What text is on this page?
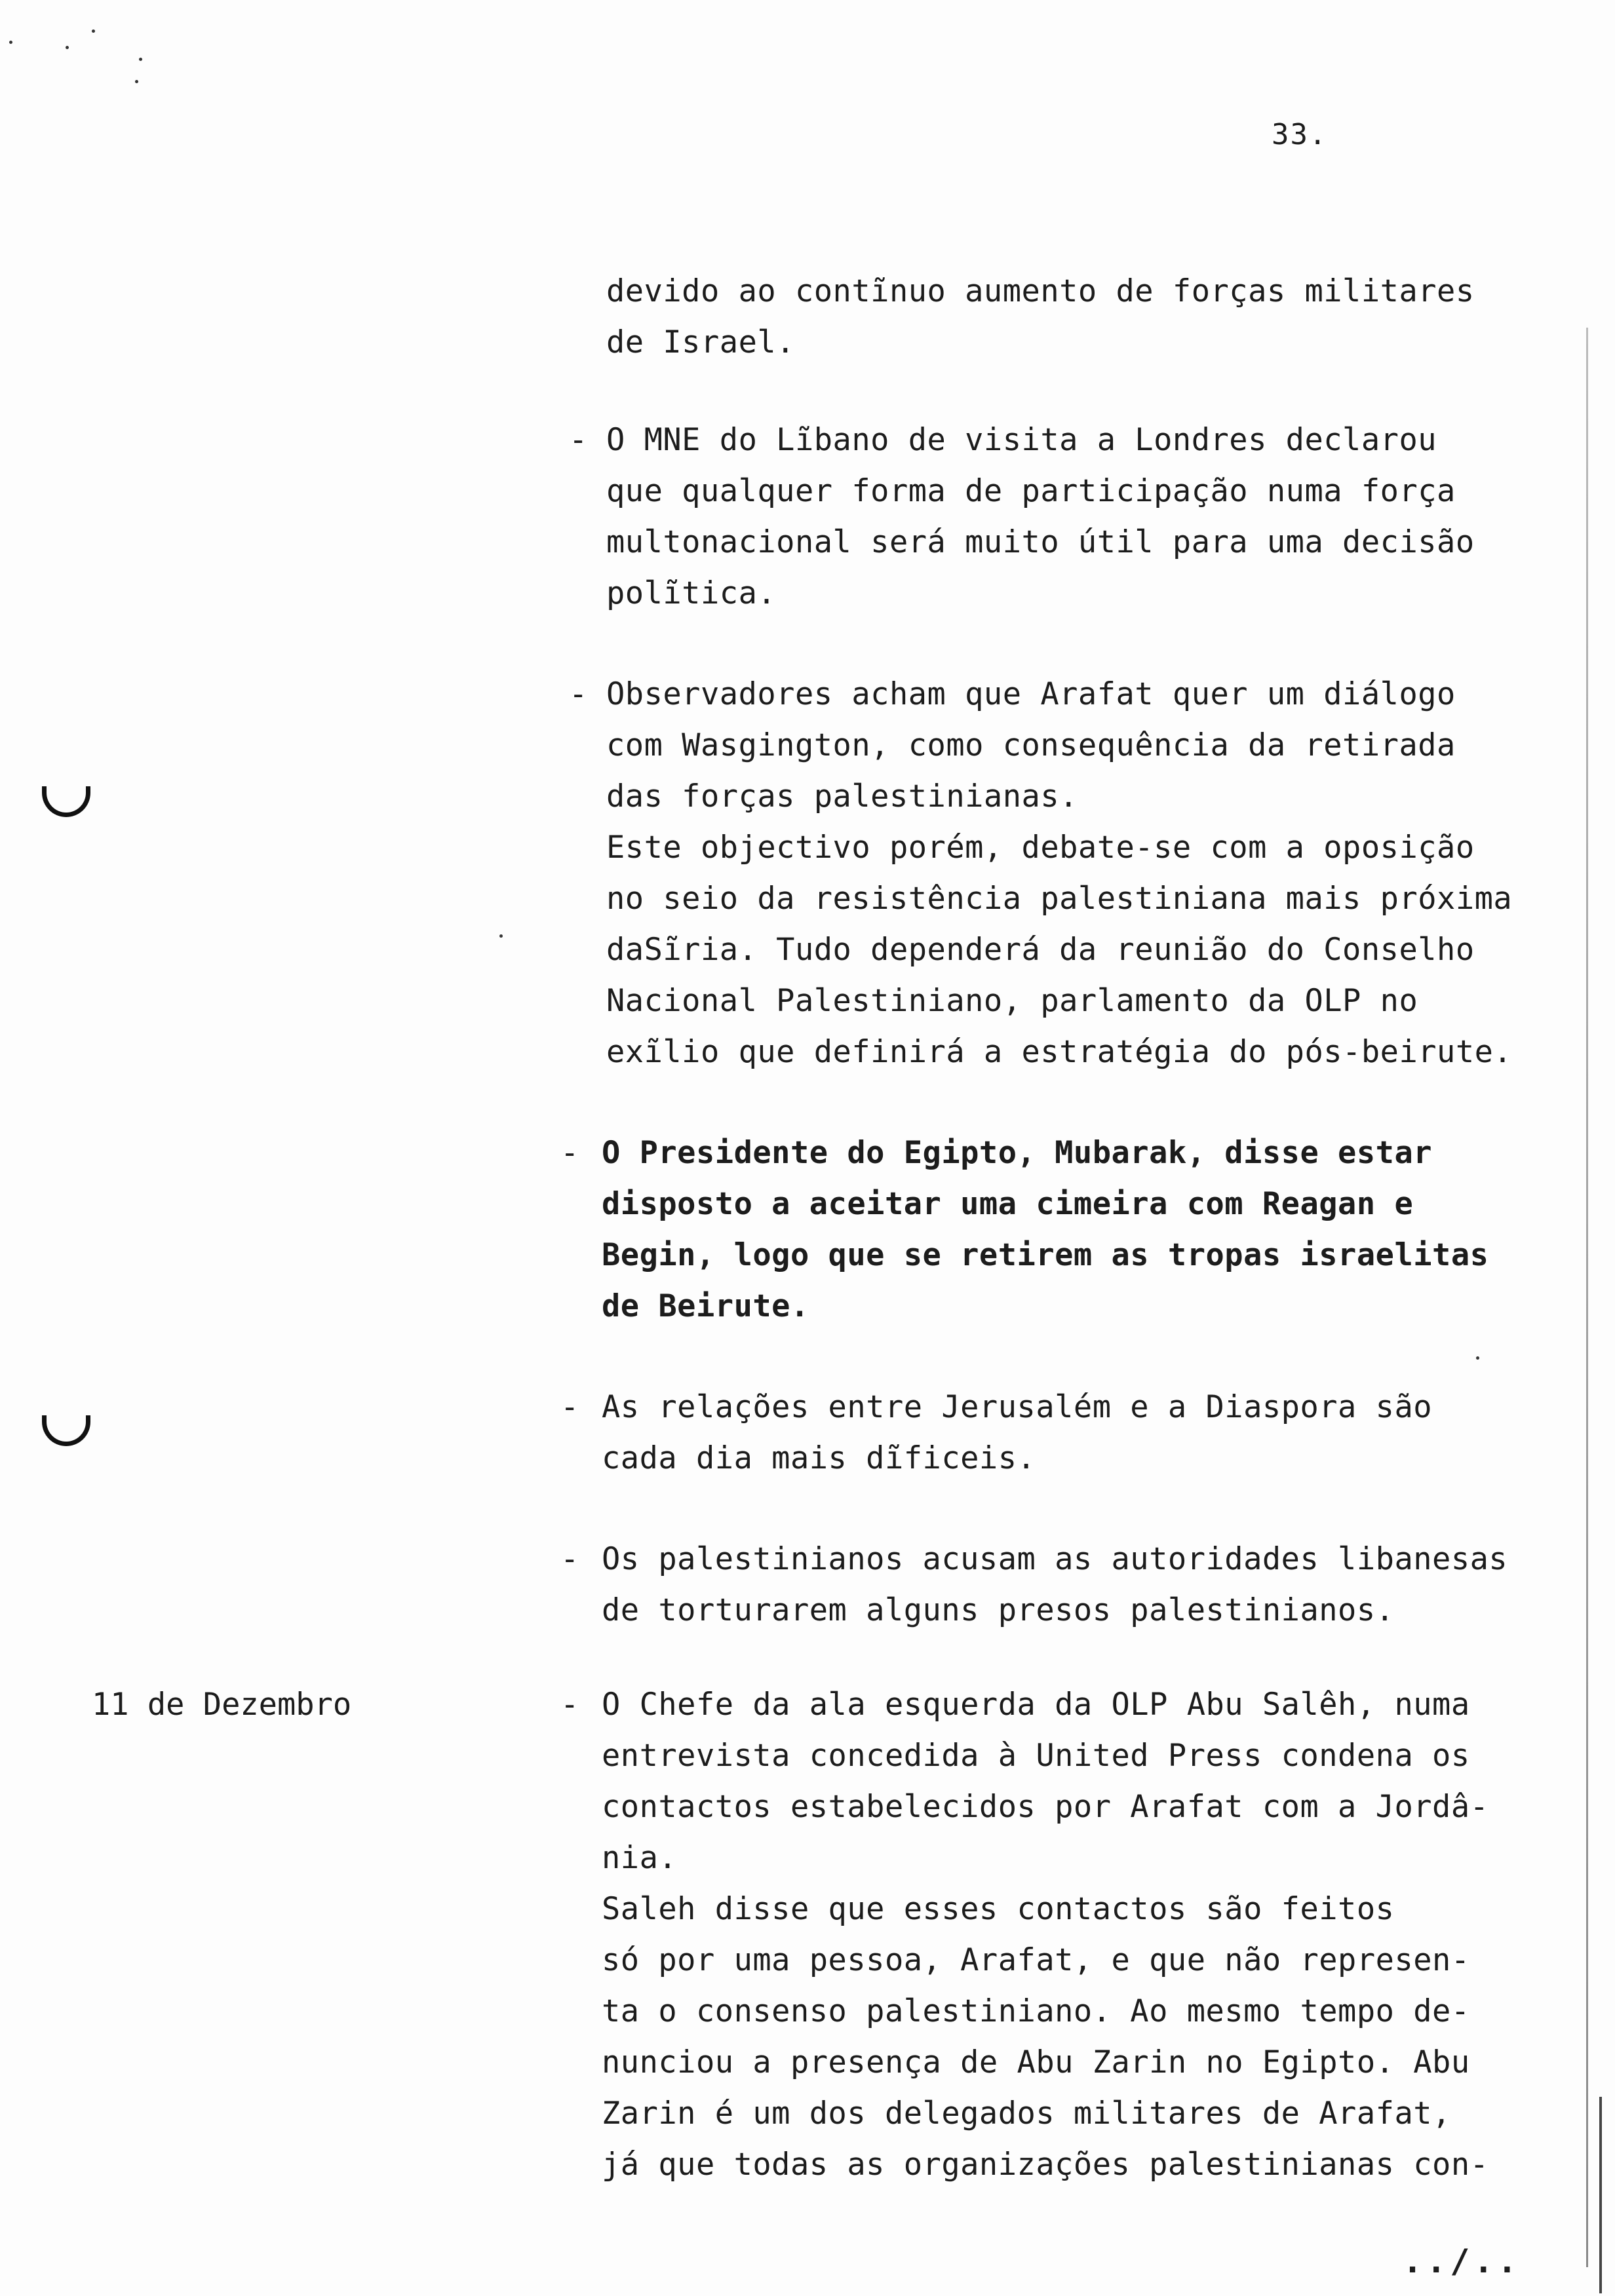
33.
devido ao contĩnuo aumento de forças militares
de Israel.
- O MNE do Lĩbano de visita a Londres declarou
que qualquer forma de participação numa força
multonacional será muito útil para uma decisão
polĩtica.
- Observadores acham que Arafat quer um diálogo
com Wasgington, como consequência da retirada
das forças palestinianas.
Este objectivo porém, debate-se com a oposição
no seio da resistência palestiniana mais próxima
daSĩria. Tudo dependerá da reunião do Conselho
Nacional Palestiniano, parlamento da OLP no
exĩlio que definirá a estratégia do pós-beirute.
- O Presidente do Egipto, Mubarak, disse estar
disposto a aceitar uma cimeira com Reagan e
Begin, logo que se retirem as tropas israelitas
de Beirute.
- As relações entre Jerusalém e a Diaspora são
cada dia mais dĩficeis.
- Os palestinianos acusam as autoridades libanesas
de torturarem alguns presos palestinianos.
11 de Dezembro	- O Chefe da ala esquerda da OLP Abu Salêh, numa
entrevista concedida à United Press condena os
contactos estabelecidos por Arafat com a Jordâ-
nia.
Saleh disse que esses contactos são feitos
só por uma pessoa, Arafat, e que não represen-
ta o consenso palestiniano. Ao mesmo tempo de-
nunciou a presença de Abu Zarin no Egipto. Abu
Zarin é um dos delegados militares de Arafat,
já que todas as organizações palestinianas con-
../..
